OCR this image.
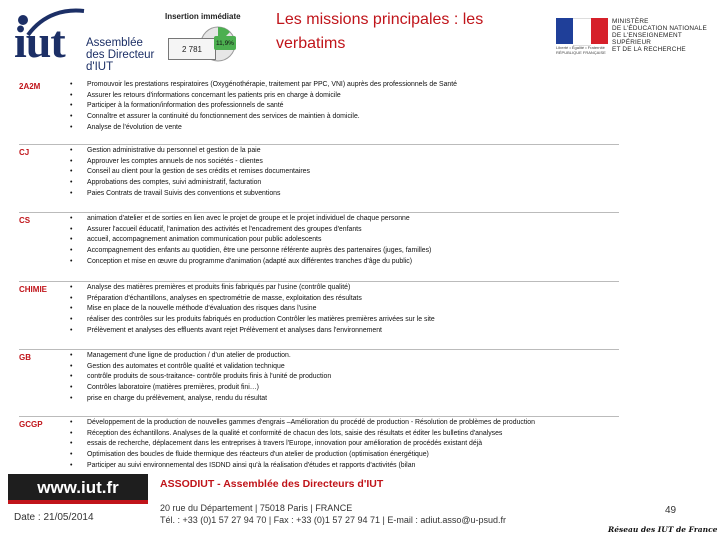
iut Assemblée
des Directeur
d'IUT
Insertion immédiate
2 781
11,9%
Les missions principales : les verbatims	Liberté • Égalité • Fraternité RÉPUBLIQUE FRANÇAISE
MINISTÈRE
DE L'ÉDUCATION NATIONALE
DE L'ENSEIGNEMENT SUPÉRIEUR
ET DE LA RECHERCHE
2A2M	• Promouvoir les prestations respiratoires (Oxygénothérapie, traitement par PPC, VNI) auprès des professionnels de Santé
• Assurer les retours d'informations concernant les patients pris en charge à domicile
• Participer à la formation/information des professionnels de santé
• Connaître et assurer la continuité du fonctionnement des services de maintien à domicile.
• Analyse de l'évolution de vente
CJ	• Gestion administrative du personnel et gestion de la paie
• Approuver les comptes annuels de nos sociétés - clientes
• Conseil au client pour la gestion de ses crédits et remises documentaires
• Approbations des comptes, suivi administratif, facturation
• Paies Contrats de travail Suivis des conventions et subventions
CS	• animation d'atelier et de sorties en lien avec le projet de groupe et le projet individuel de chaque personne
• Assurer l'accueil éducatif, l'animation des activités et l'encadrement des groupes d'enfants
• accueil, accompagnement animation communication pour public adolescents
• Accompagnement des enfants au quotidien, être une personne référente auprès des partenaires (juges, familles)
• Conception et mise en œuvre du programme d'animation (adapté aux différentes tranches d'âge du public)
CHIMIE	• Analyse des matières premières et produits finis fabriqués par l'usine (contrôle qualité)
• Préparation d'échantillons, analyses en spectrométrie de masse, exploitation des résultats
• Mise en place de la nouvelle méthode d'évaluation des risques dans l'usine
• réaliser des contrôles sur les produits fabriqués en production Contrôler les matières premières arrivées sur le site
• Prélèvement et analyses des effluents avant rejet Prélèvement et analyses dans l'environnement
GB	• Management d'une ligne de production / d'un atelier de production.
• Gestion des automates et contrôle qualité et validation technique
• contrôle produits de sous-traitance- contrôle produits finis à l'unité de production
• Contrôles laboratoire (matières premières, produit fini…)
• prise en charge du prélèvement, analyse, rendu du résultat
GCGP	• Développement de la production de nouvelles gammes d'engrais –Amélioration du procédé de production - Résolution de problèmes de production
• Réception des échantillons. Analyses de la qualité et conformité de chacun des lots, saisie des résultats et éditer les bulletins d'analyses
• essais de recherche, déplacement dans les entreprises à travers l'Europe, innovation pour amélioration de procédés existant déjà
• Optimisation des boucles de fluide thermique des réacteurs d'un atelier de production (optimisation énergétique)
• Participer au suivi environnemental des ISDND ainsi qu'à la réalisation d'études et rapports d'activités (bilan
www.iut.fr
Date : 21/05/2014
ASSODIUT - Assemblée des Directeurs d'IUT
20 rue du Département | 75018 Paris | FRANCE
Tél. : +33 (0)1 57 27 94 70 | Fax : +33 (0)1 57 27 94 71 | E-mail : adiut.asso@u-psud.fr
49
Réseau des IUT de France
